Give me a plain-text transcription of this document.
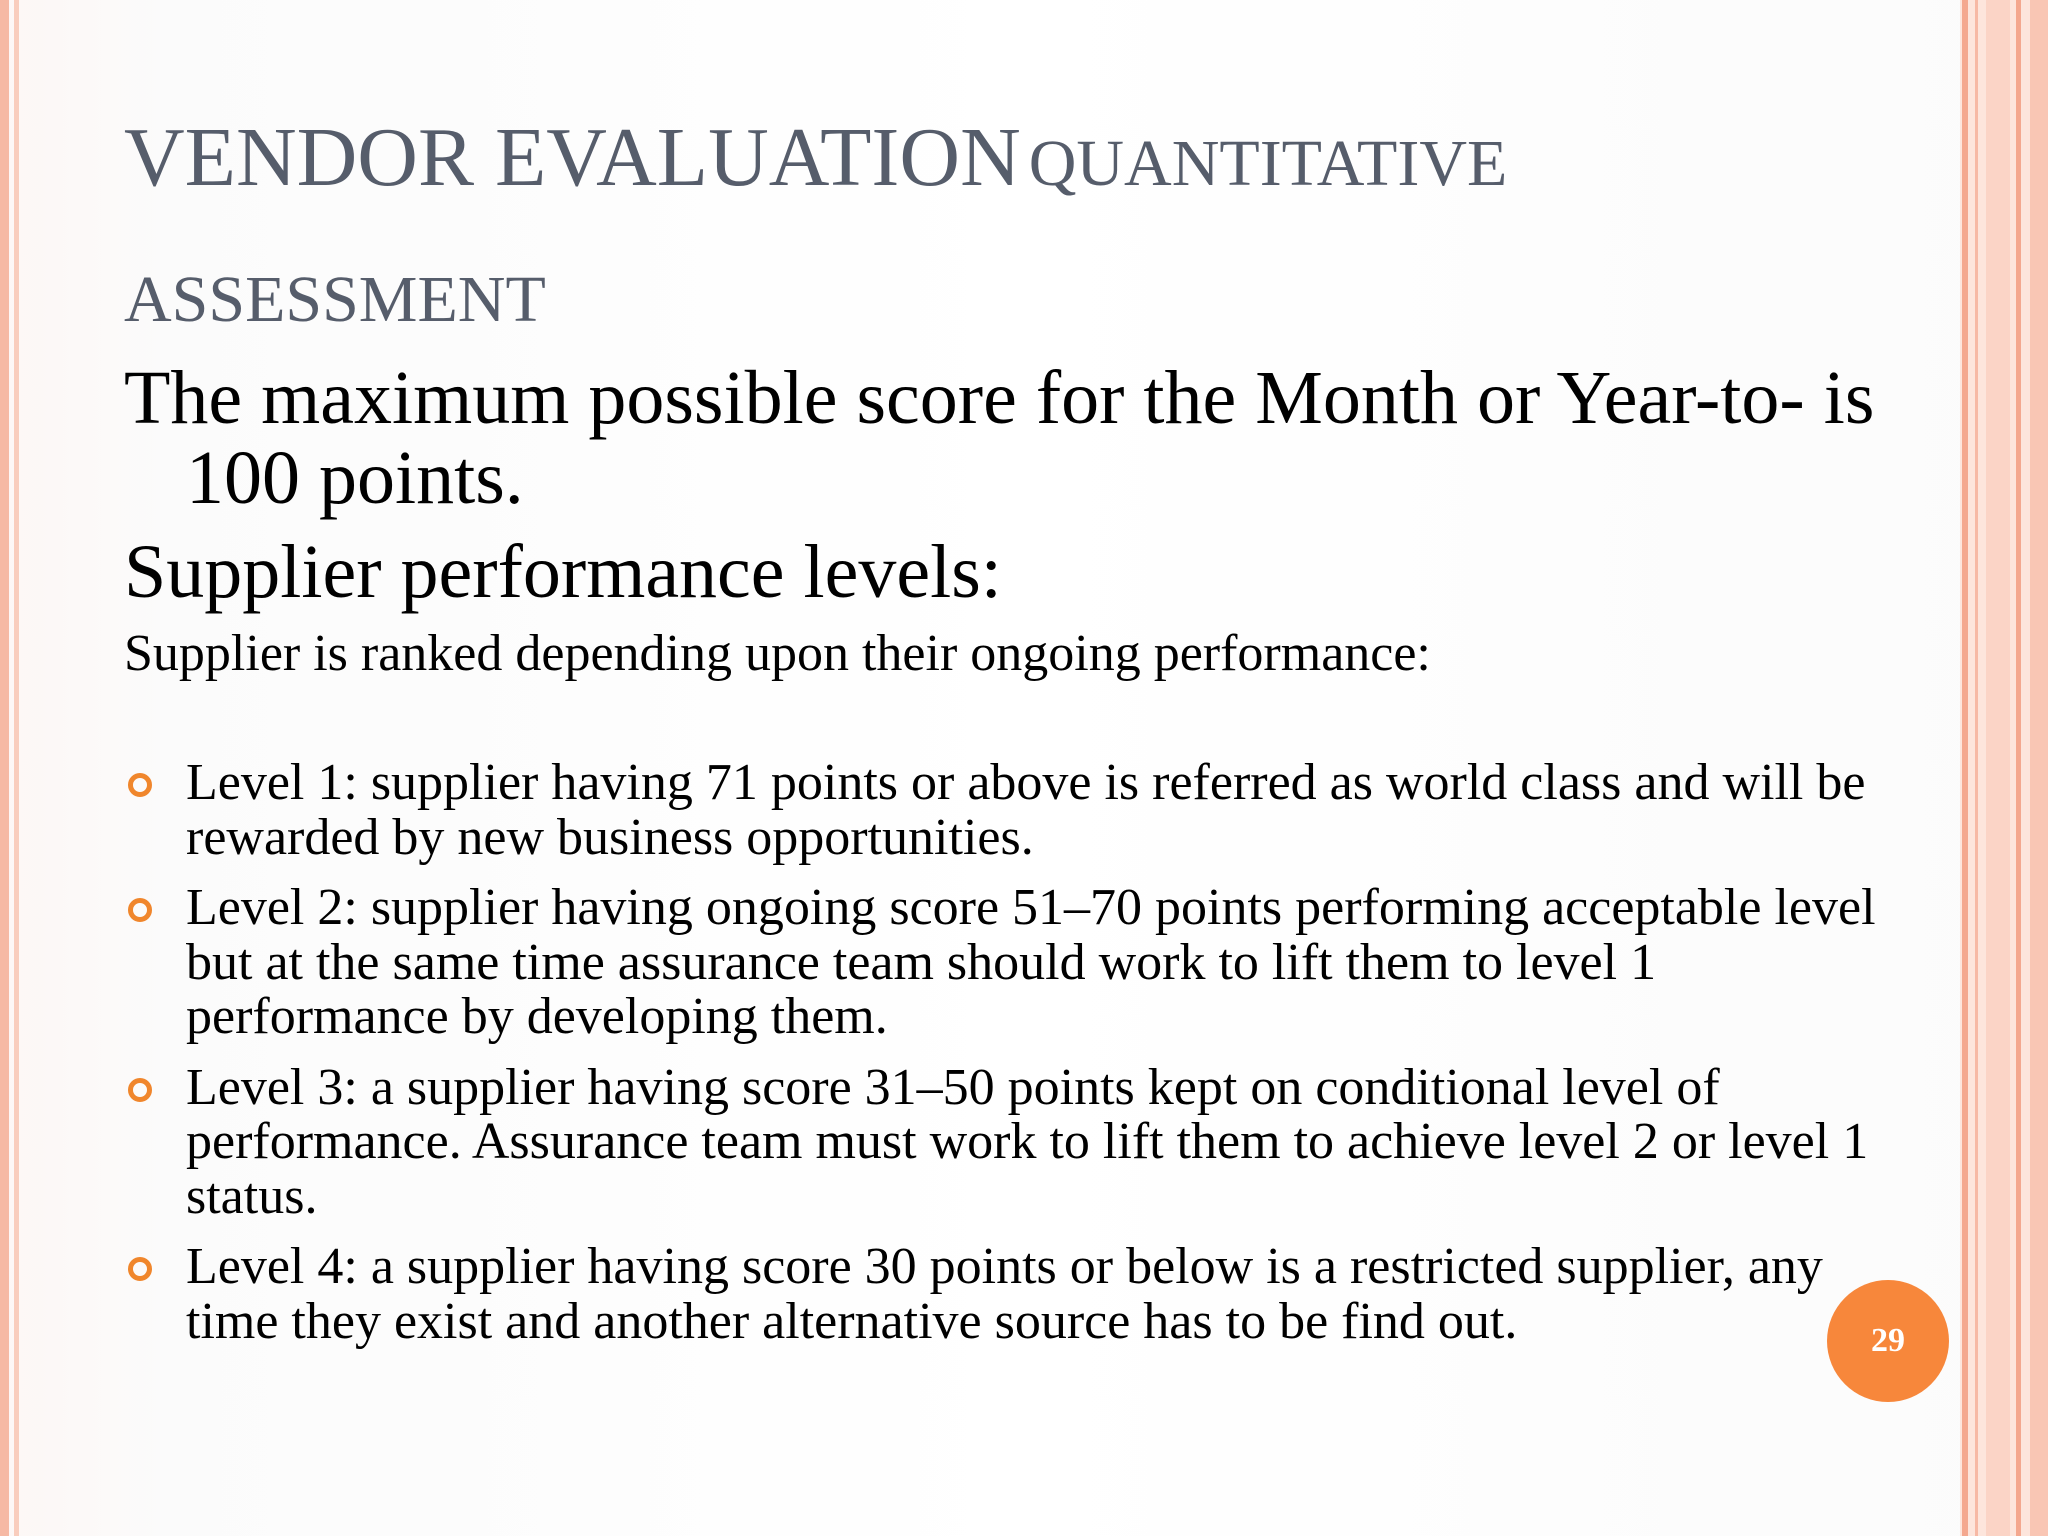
VENDOR EVALUATION QUANTITATIVE
ASSESSMENT

The maximum possible score for the Month or Year-to- is 100 points.

Supplier performance levels:

Supplier is ranked depending upon their ongoing performance:

Level 1: supplier having 71 points or above is referred as world class and will be rewarded by new business opportunities.
Level 2: supplier having ongoing score 51–70 points performing acceptable level but at the same time assurance team should work to lift them to level 1 performance by developing them.
Level 3: a supplier having score 31–50 points kept on conditional level of performance. Assurance team must work to lift them to achieve level 2 or level 1 status.
Level 4: a supplier having score 30 points or below is a restricted supplier, any time they exist and another alternative source has to be find out.	29
